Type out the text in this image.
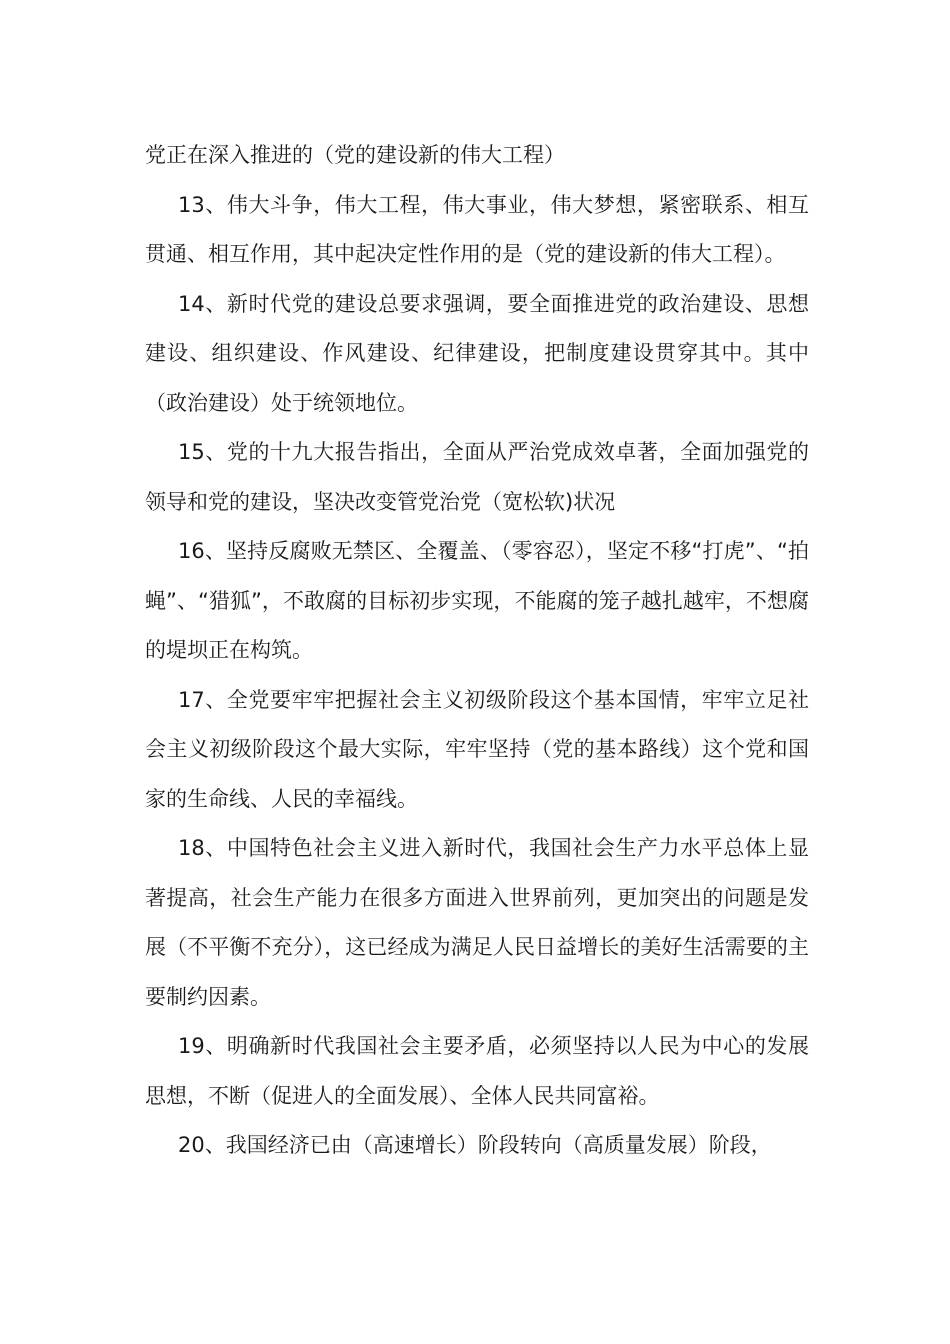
党正在深入推进的（党的建设新的伟大工程）

13、伟大斗争，伟大工程，伟大事业，伟大梦想，紧密联系、相互贯通、相互作用，其中起决定性作用的是（党的建设新的伟大工程）。

14、新时代党的建设总要求强调，要全面推进党的政治建设、思想建设、组织建设、作风建设、纪律建设，把制度建设贯穿其中。其中（政治建设）处于统领地位。

15、党的十九大报告指出，全面从严治党成效卓著，全面加强党的领导和党的建设，坚决改变管党治党（宽松软)状况

16、坚持反腐败无禁区、全覆盖、（零容忍），坚定不移“打虎”、“拍蝇”、“猎狐”，不敢腐的目标初步实现，不能腐的笼子越扎越牢，不想腐的堤坝正在构筑。

17、全党要牢牢把握社会主义初级阶段这个基本国情，牢牢立足社会主义初级阶段这个最大实际，牢牢坚持（党的基本路线）这个党和国家的生命线、人民的幸福线。

18、中国特色社会主义进入新时代，我国社会生产力水平总体上显著提高，社会生产能力在很多方面进入世界前列，更加突出的问题是发展（不平衡不充分），这已经成为满足人民日益增长的美好生活需要的主要制约因素。

19、明确新时代我国社会主要矛盾，必须坚持以人民为中心的发展思想，不断（促进人的全面发展）、全体人民共同富裕。

20、我国经济已由（高速增长）阶段转向（高质量发展）阶段，
